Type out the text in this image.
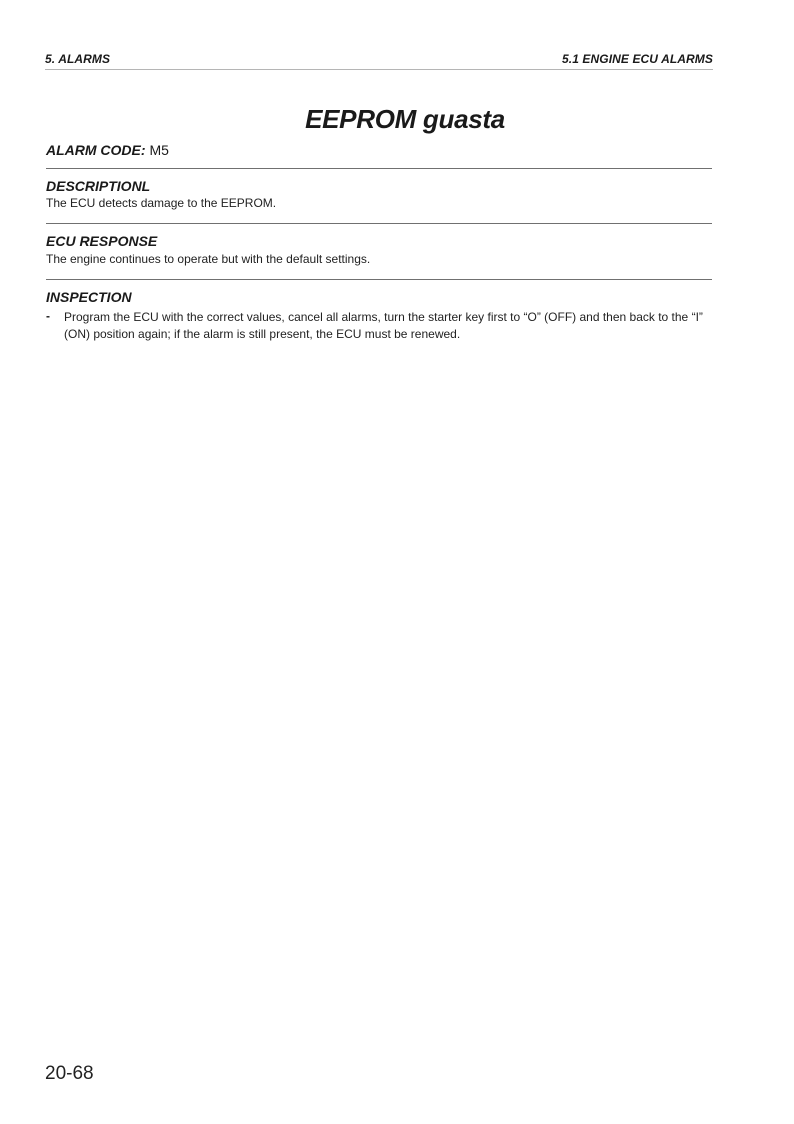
5. ALARMS	5.1 ENGINE ECU ALARMS
EEPROM guasta
ALARM CODE: M5
DESCRIPTIONL
The ECU detects damage to the EEPROM.
ECU RESPONSE
The engine continues to operate but with the default settings.
INSPECTION
- Program the ECU with the correct values, cancel all alarms, turn the starter key first to “O” (OFF) and then back to the “I” (ON) position again; if the alarm is still present, the ECU must be renewed.
20-68
